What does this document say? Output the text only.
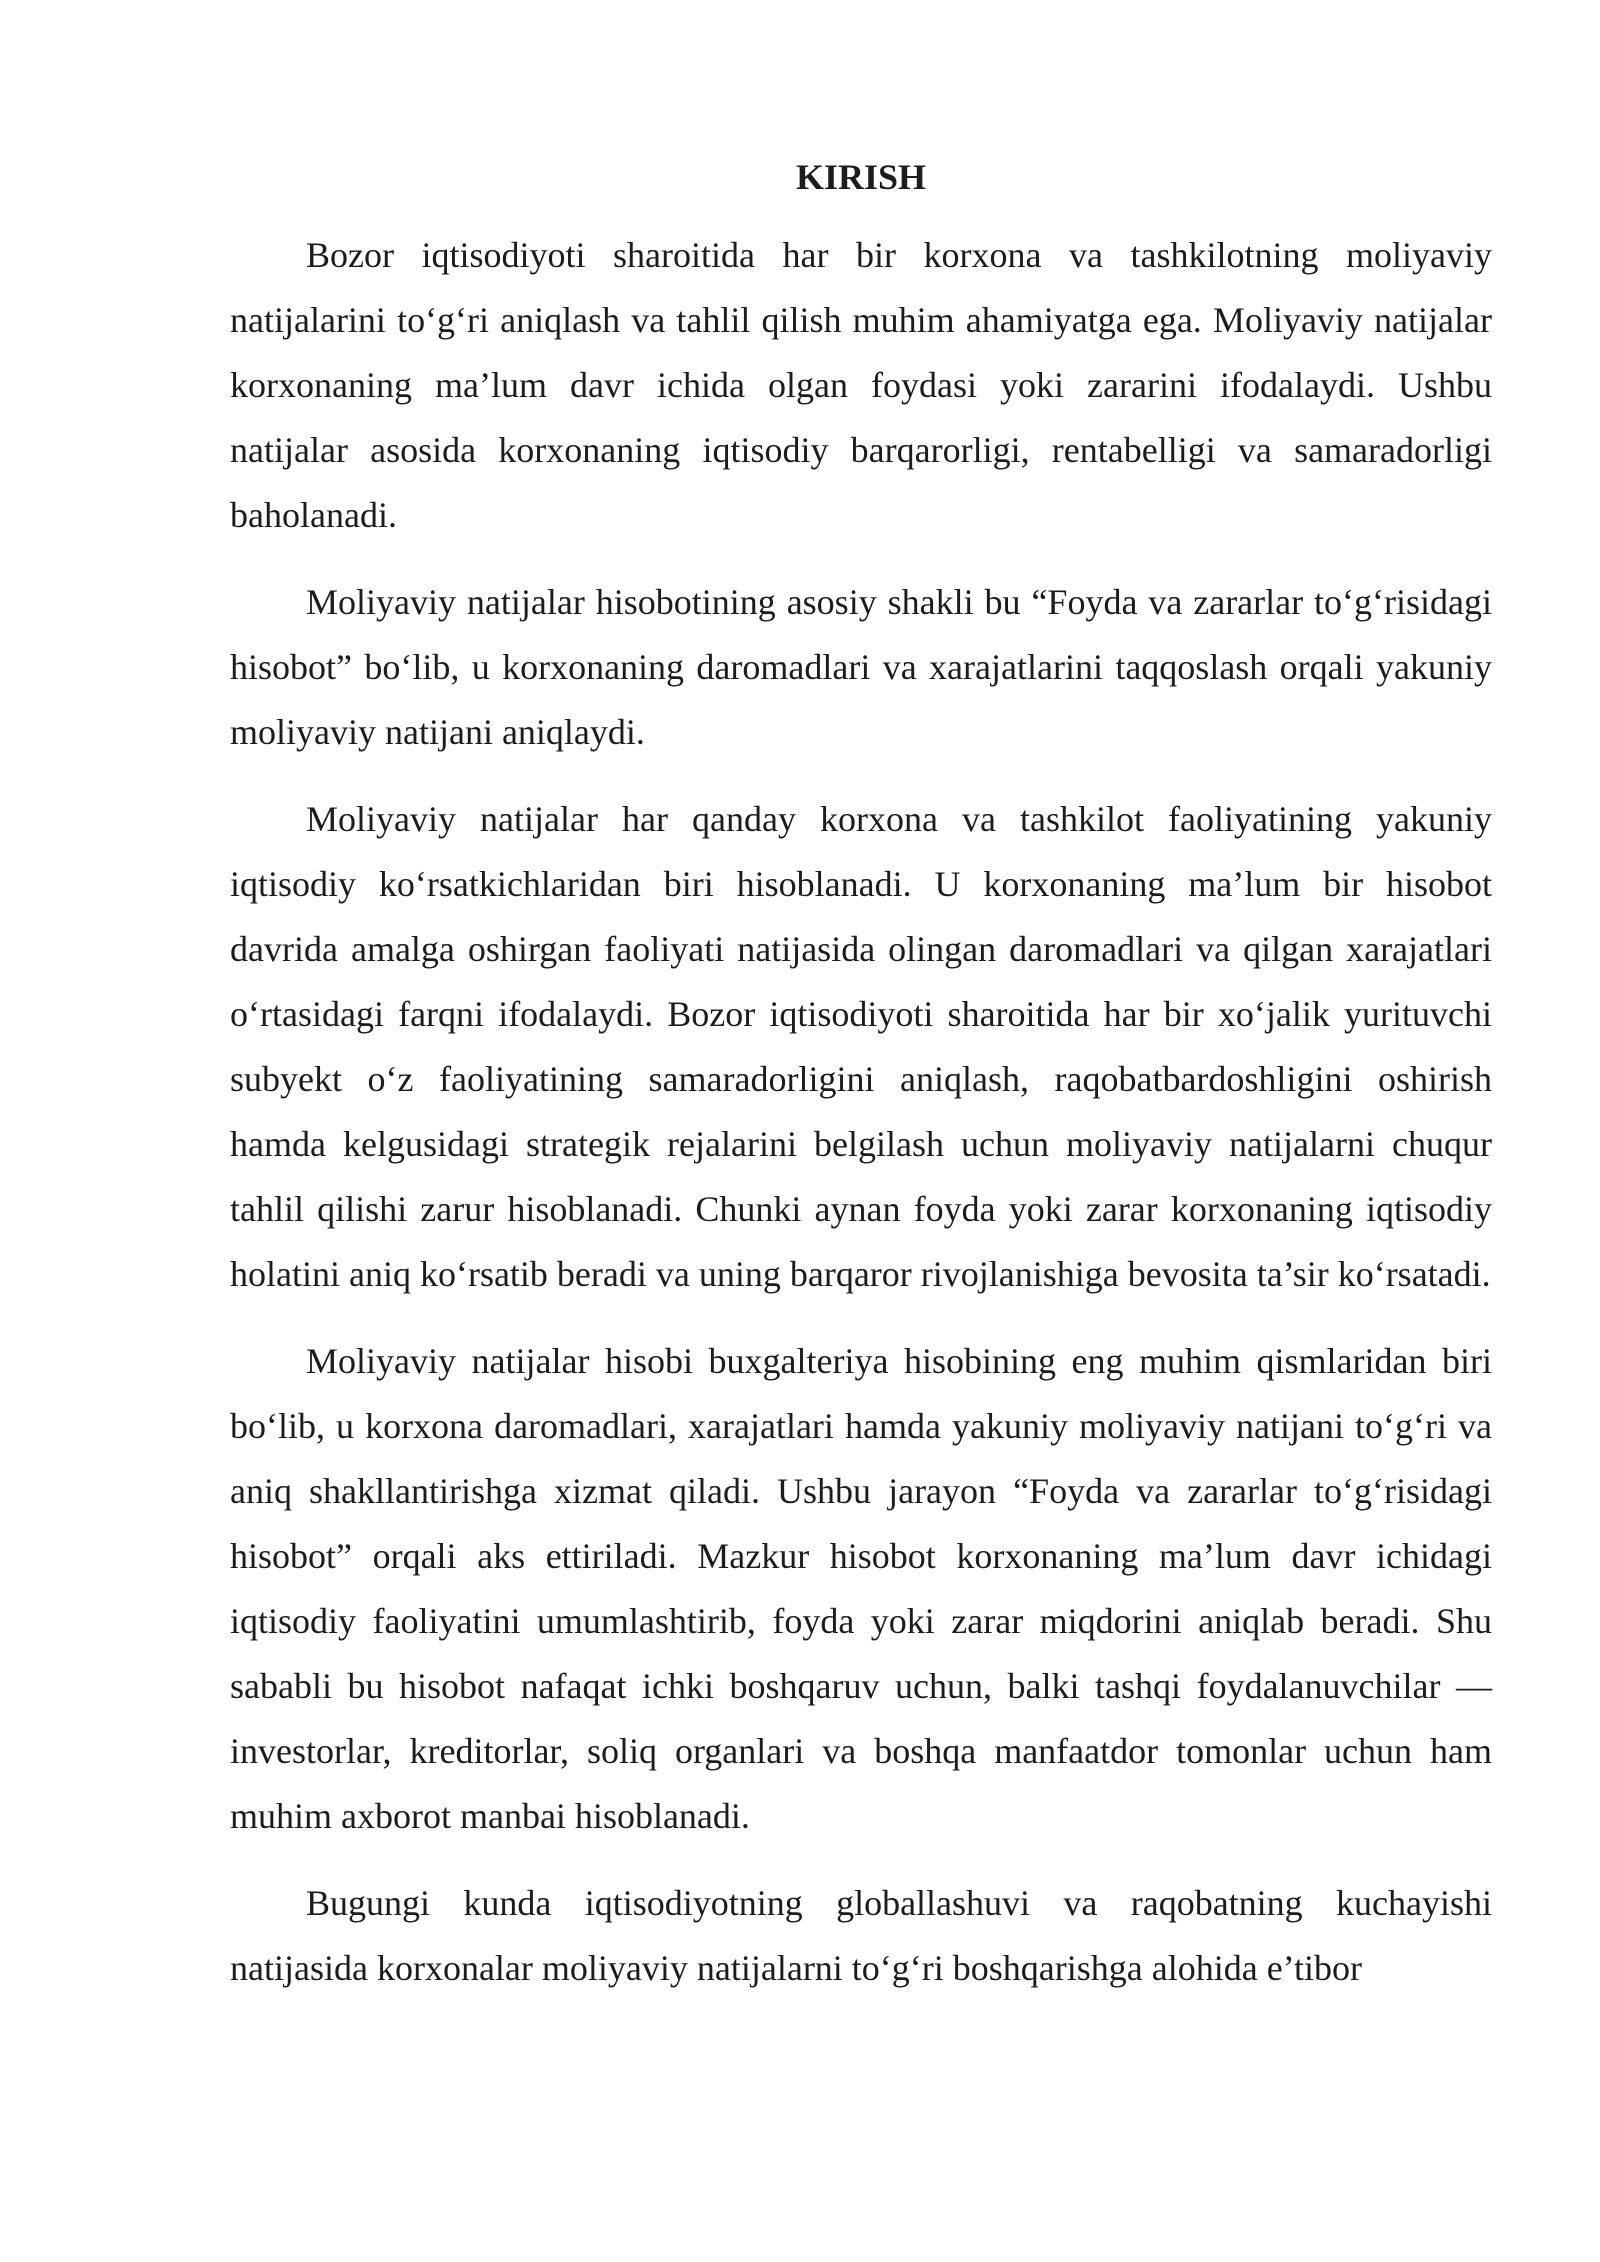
KIRISH

Bozor iqtisodiyoti sharoitida har bir korxona va tashkilotning moliyaviy natijalarini to‘g‘ri aniqlash va tahlil qilish muhim ahamiyatga ega. Moliyaviy natijalar korxonaning ma’lum davr ichida olgan foydasi yoki zararini ifodalaydi. Ushbu natijalar asosida korxonaning iqtisodiy barqarorligi, rentabelligi va samaradorligi baholanadi.

Moliyaviy natijalar hisobotining asosiy shakli bu “Foyda va zararlar to‘g‘risidagi hisobot” bo‘lib, u korxonaning daromadlari va xarajatlarini taqqoslash orqali yakuniy moliyaviy natijani aniqlaydi.

Moliyaviy natijalar har qanday korxona va tashkilot faoliyatining yakuniy iqtisodiy ko‘rsatkichlaridan biri hisoblanadi. U korxonaning ma’lum bir hisobot davrida amalga oshirgan faoliyati natijasida olingan daromadlari va qilgan xarajatlari o‘rtasidagi farqni ifodalaydi. Bozor iqtisodiyoti sharoitida har bir xo‘jalik yurituvchi subyekt o‘z faoliyatining samaradorligini aniqlash, raqobatbardoshligini oshirish hamda kelgusidagi strategik rejalarini belgilash uchun moliyaviy natijalarni chuqur tahlil qilishi zarur hisoblanadi. Chunki aynan foyda yoki zarar korxonaning iqtisodiy holatini aniq ko‘rsatib beradi va uning barqaror rivojlanishiga bevosita ta’sir ko‘rsatadi.

Moliyaviy natijalar hisobi buxgalteriya hisobining eng muhim qismlaridan biri bo‘lib, u korxona daromadlari, xarajatlari hamda yakuniy moliyaviy natijani to‘g‘ri va aniq shakllantirishga xizmat qiladi. Ushbu jarayon “Foyda va zararlar to‘g‘risidagi hisobot” orqali aks ettiriladi. Mazkur hisobot korxonaning ma’lum davr ichidagi iqtisodiy faoliyatini umumlashtirib, foyda yoki zarar miqdorini aniqlab beradi. Shu sababli bu hisobot nafaqat ichki boshqaruv uchun, balki tashqi foydalanuvchilar — investorlar, kreditorlar, soliq organlari va boshqa manfaatdor tomonlar uchun ham muhim axborot manbai hisoblanadi.

Bugungi kunda iqtisodiyotning globallashuvi va raqobatning kuchayishi natijasida korxonalar moliyaviy natijalarni to‘g‘ri boshqarishga alohida e’tibor
